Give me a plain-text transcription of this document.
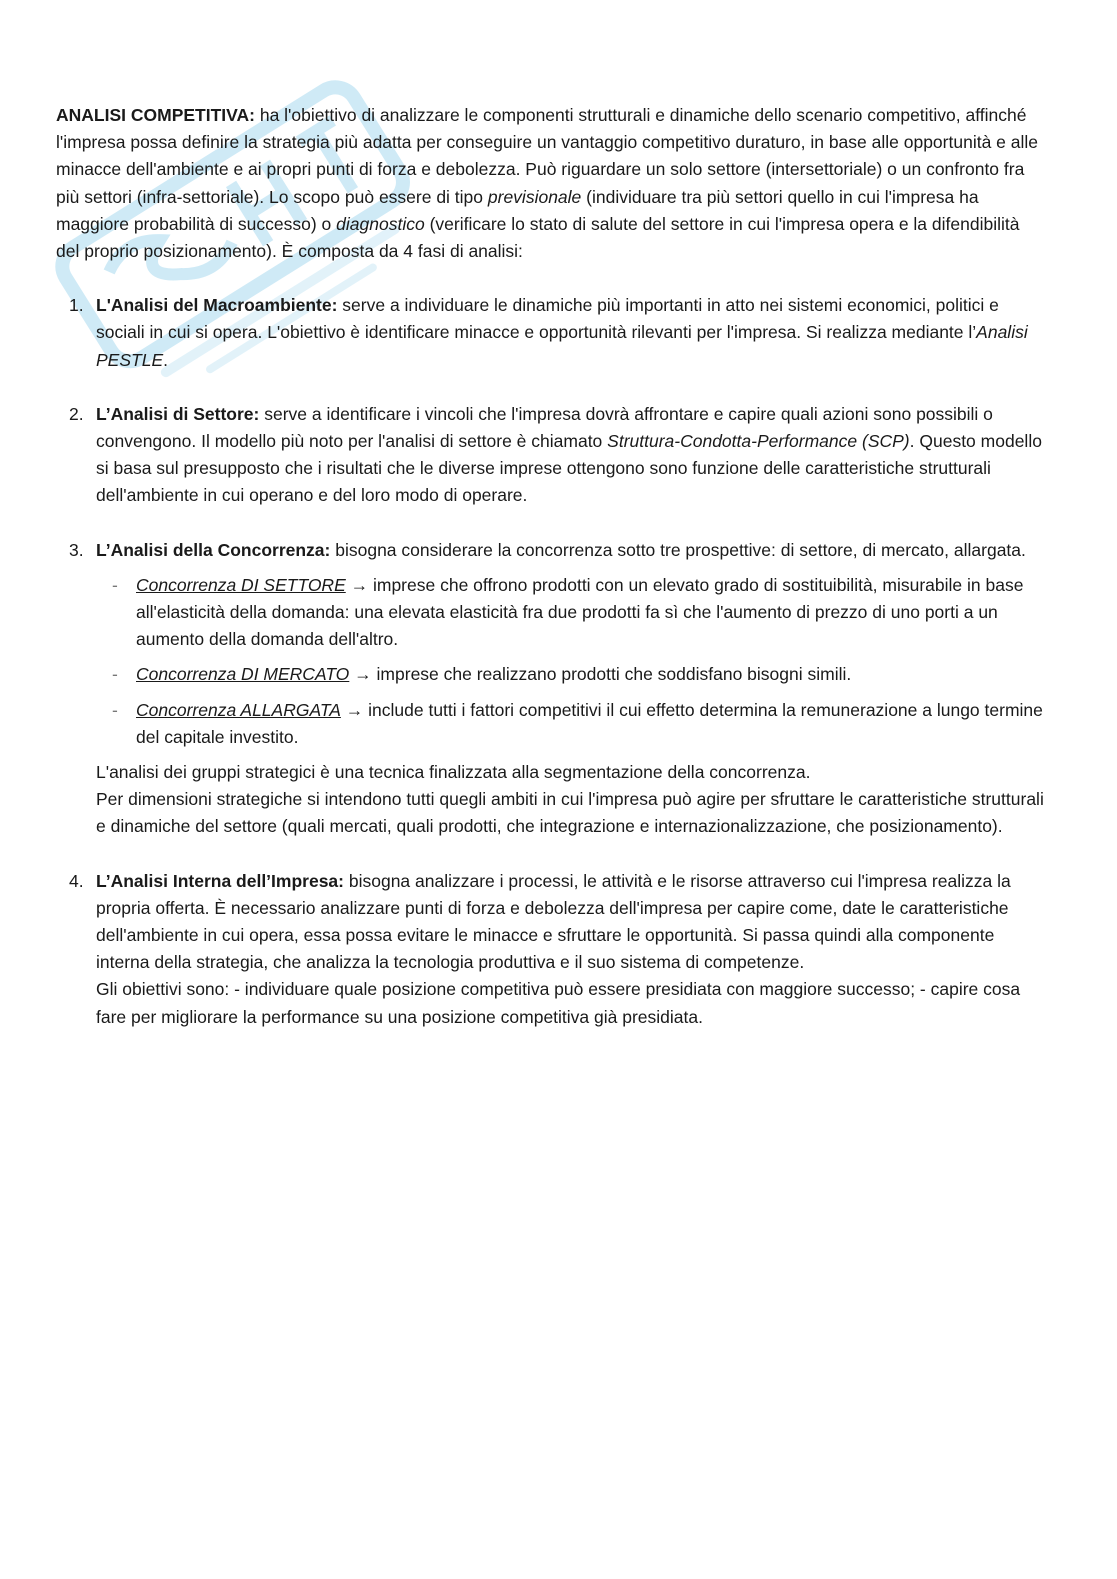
ANALISI COMPETITIVA: ha l'obiettivo di analizzare le componenti strutturali e dinamiche dello scenario competitivo, affinché l'impresa possa definire la strategia più adatta per conseguire un vantaggio competitivo duraturo, in base alle opportunità e alle minacce dell'ambiente e ai propri punti di forza e debolezza. Può riguardare un solo settore (intersettoriale) o un confronto fra più settori (infra-settoriale). Lo scopo può essere di tipo previsionale (individuare tra più settori quello in cui l'impresa ha maggiore probabilità di successo) o diagnostico (verificare lo stato di salute del settore in cui l'impresa opera e la difendibilità del proprio posizionamento). È composta da 4 fasi di analisi:

1. L'Analisi del Macroambiente: serve a individuare le dinamiche più importanti in atto nei sistemi economici, politici e sociali in cui si opera. L'obiettivo è identificare minacce e opportunità rilevanti per l'impresa. Si realizza mediante l’Analisi PESTLE.

2. L’Analisi di Settore: serve a identificare i vincoli che l'impresa dovrà affrontare e capire quali azioni sono possibili o convengono. Il modello più noto per l'analisi di settore è chiamato Struttura-Condotta-Performance (SCP). Questo modello si basa sul presupposto che i risultati che le diverse imprese ottengono sono funzione delle caratteristiche strutturali dell'ambiente in cui operano e del loro modo di operare.

3. L’Analisi della Concorrenza: bisogna considerare la concorrenza sotto tre prospettive: di settore, di mercato, allargata.

- Concorrenza DI SETTORE → imprese che offrono prodotti con un elevato grado di sostituibilità, misurabile in base all'elasticità della domanda: una elevata elasticità fra due prodotti fa sì che l'aumento di prezzo di uno porti a un aumento della domanda dell'altro.
- Concorrenza DI MERCATO → imprese che realizzano prodotti che soddisfano bisogni simili.
- Concorrenza ALLARGATA → include tutti i fattori competitivi il cui effetto determina la remunerazione a lungo termine del capitale investito.

L'analisi dei gruppi strategici è una tecnica finalizzata alla segmentazione della concorrenza.

Per dimensioni strategiche si intendono tutti quegli ambiti in cui l'impresa può agire per sfruttare le caratteristiche strutturali e dinamiche del settore (quali mercati, quali prodotti, che integrazione e internazionalizzazione, che posizionamento).

4. L’Analisi Interna dell’Impresa: bisogna analizzare i processi, le attività e le risorse attraverso cui l'impresa realizza la propria offerta. È necessario analizzare punti di forza e debolezza dell'impresa per capire come, date le caratteristiche dell'ambiente in cui opera, essa possa evitare le minacce e sfruttare le opportunità. Si passa quindi alla componente interna della strategia, che analizza la tecnologia produttiva e il suo sistema di competenze.

Gli obiettivi sono: - individuare quale posizione competitiva può essere presidiata con maggiore successo; - capire cosa fare per migliorare la performance su una posizione competitiva già presidiata.
